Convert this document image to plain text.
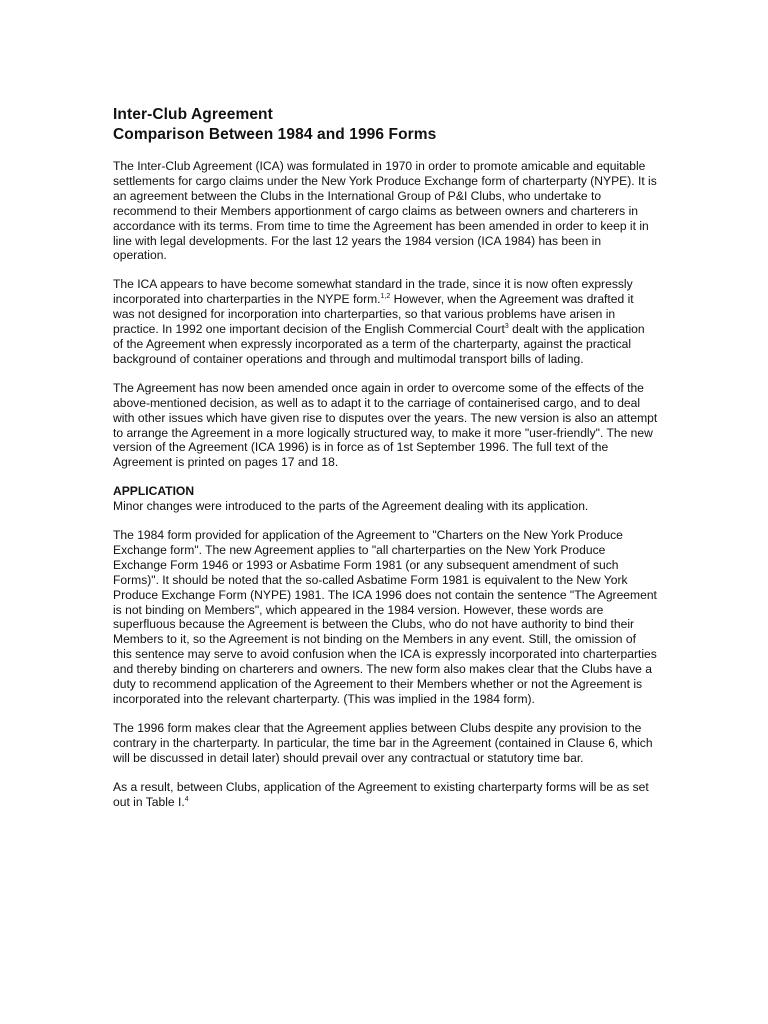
Inter-Club Agreement
Comparison Between 1984 and 1996 Forms

The Inter-Club Agreement (ICA) was formulated in 1970 in order to promote amicable and equitable settlements for cargo claims under the New York Produce Exchange form of charterparty (NYPE). It is an agreement between the Clubs in the International Group of P&I Clubs, who undertake to recommend to their Members apportionment of cargo claims as between owners and charterers in accordance with its terms. From time to time the Agreement has been amended in order to keep it in line with legal developments. For the last 12 years the 1984 version (ICA 1984) has been in operation.

The ICA appears to have become somewhat standard in the trade, since it is now often expressly incorporated into charterparties in the NYPE form.$^{1,2}$ However, when the Agreement was drafted it was not designed for incorporation into charterparties, so that various problems have arisen in practice. In 1992 one important decision of the English Commercial Court$^3$ dealt with the application of the Agreement when expressly incorporated as a term of the charterparty, against the practical background of container operations and through and multimodal transport bills of lading.

The Agreement has now been amended once again in order to overcome some of the effects of the above-mentioned decision, as well as to adapt it to the carriage of containerised cargo, and to deal with other issues which have given rise to disputes over the years. The new version is also an attempt to arrange the Agreement in a more logically structured way, to make it more "user-friendly". The new version of the Agreement (ICA 1996) is in force as of 1st September 1996. The full text of the Agreement is printed on pages 17 and 18.

APPLICATION

Minor changes were introduced to the parts of the Agreement dealing with its application.

The 1984 form provided for application of the Agreement to "Charters on the New York Produce Exchange form". The new Agreement applies to "all charterparties on the New York Produce Exchange Form 1946 or 1993 or Asbatime Form 1981 (or any subsequent amendment of such Forms)". It should be noted that the so-called Asbatime Form 1981 is equivalent to the New York Produce Exchange Form (NYPE) 1981. The ICA 1996 does not contain the sentence "The Agreement is not binding on Members", which appeared in the 1984 version. However, these words are superfluous because the Agreement is between the Clubs, who do not have authority to bind their Members to it, so the Agreement is not binding on the Members in any event. Still, the omission of this sentence may serve to avoid confusion when the ICA is expressly incorporated into charterparties and thereby binding on charterers and owners. The new form also makes clear that the Clubs have a duty to recommend application of the Agreement to their Members whether or not the Agreement is incorporated into the relevant charterparty. (This was implied in the 1984 form).

The 1996 form makes clear that the Agreement applies between Clubs despite any provision to the contrary in the charterparty. In particular, the time bar in the Agreement (contained in Clause 6, which will be discussed in detail later) should prevail over any contractual or statutory time bar.

As a result, between Clubs, application of the Agreement to existing charterparty forms will be as set out in Table I.$^4$
